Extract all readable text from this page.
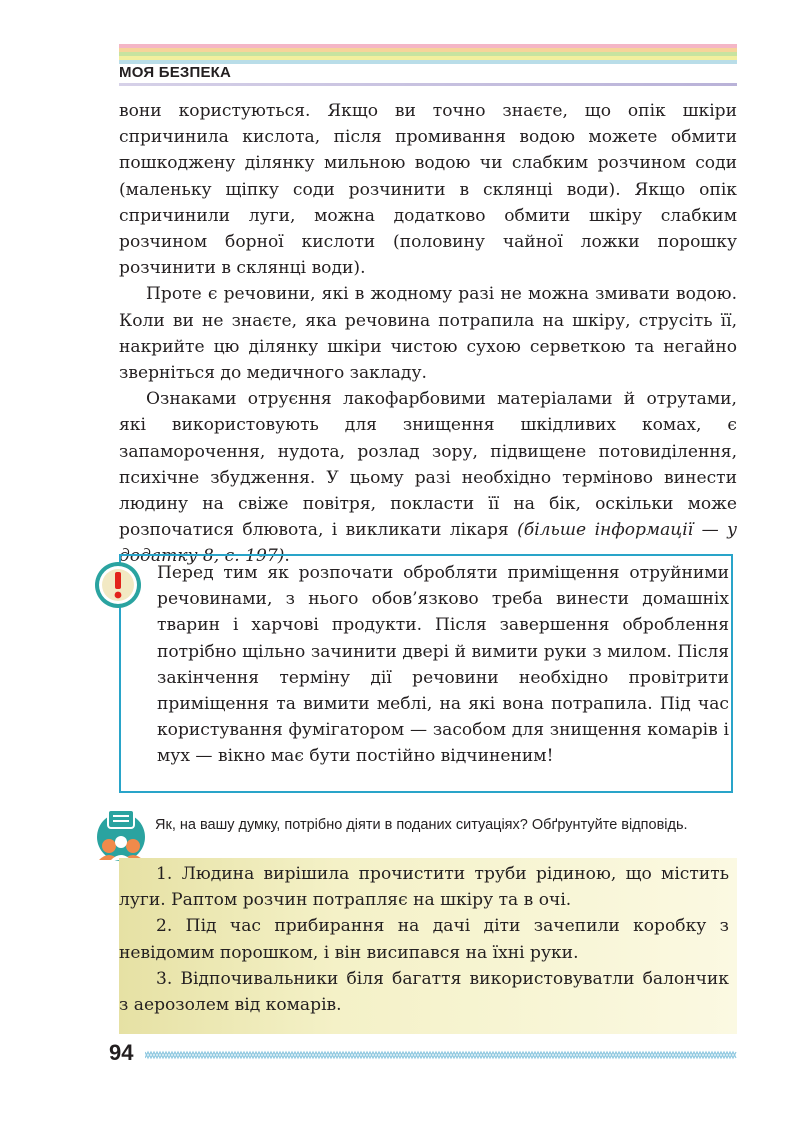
МОЯ БЕЗПЕКА

вони користуються. Якщо ви точно знаєте, що опік шкіри спричинила кислота, після промивання водою можете обмити пошкоджену ділянку мильною водою чи слабким розчином соди (маленьку щіпку соди розчинити в склянці води). Якщо опік спричинили луги, можна додатково обмити шкіру слабким розчином борної кислоти (половину чайної ложки порошку розчинити в склянці води).

Проте є речовини, які в жодному разі не можна змивати водою. Коли ви не знаєте, яка речовина потрапила на шкіру, струсіть її, накрийте цю ділянку шкіри чистою сухою серветкою та негайно зверніться до медичного закладу.

Ознаками отруєння лакофарбовими матеріалами й отрутами, які використовують для знищення шкідливих комах, є запаморочення, нудота, розлад зору, підвищене потовиділення, психічне збудження. У цьому разі необхідно терміново винести людину на свіже повітря, покласти її на бік, оскільки може розпочатися блювота, і викликати лікаря (більше інформації — у додатку 8, с. 197).

Перед тим як розпочати обробляти приміщення отруйними речовинами, з нього обов’язково треба винести домашніх тварин і харчові продукти. Після завершення оброблення потрібно щільно зачинити двері й вимити руки з милом. Після закінчення терміну дії речовини необхідно провітрити приміщення та вимити меблі, на які вона потрапила. Під час користування фумігатором — засобом для знищення комарів і мух — вікно має бути постійно відчиненим!
Як, на вашу думку, потрібно діяти в поданих ситуаціях? Обґрунтуйте відповідь.

1. Людина вирішила прочистити труби рідиною, що містить луги. Раптом розчин потрапляє на шкіру та в очі.

2. Під час прибирання на дачі діти зачепили коробку з невідомим порошком, і він висипався на їхні руки.

3. Відпочивальники біля багаття використовуватли балончик з аерозолем від комарів.

94
